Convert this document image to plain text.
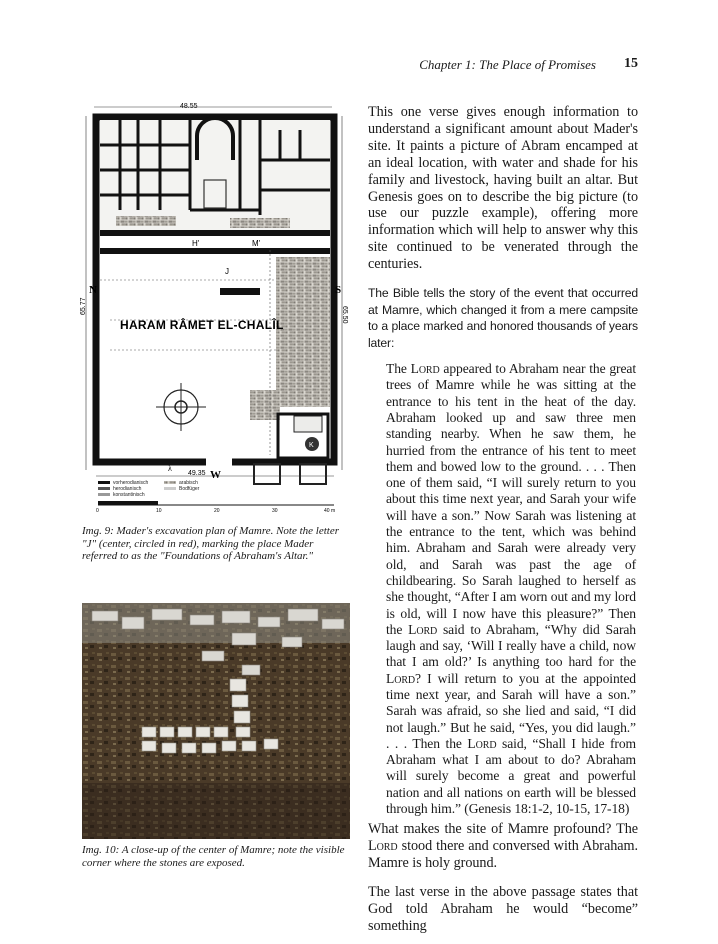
Chapter 1: The Place of Promises 15
48.55
65.77	65.50
49.35
HARAM RÂMET EL-CHALÎL
N	S
W
K
H'	M'
J
λ
vorherodianisch
herodianisch
konstantinisch
arabisch
Bodfüger
0	10	20	30	40 m

Img. 9: Mader's excavation plan of Mamre. Note the letter "J" (center, circled in red), marking the place Mader referred to as the "Foundations of Abraham's Altar."

Img. 10: A close-up of the center of Mamre; note the visible corner where the stones are exposed.

This one verse gives enough information to understand a significant amount about Mader's site. It paints a picture of Abram encamped at an ideal location, with water and shade for his family and livestock, having built an altar. But Genesis goes on to describe the big picture (to use our puzzle example), offering more information which will help to answer why this site continued to be venerated through the centuries.

The Bible tells the story of the event that occurred at Mamre, which changed it from a mere campsite to a place marked and honored thousands of years later:

The Lord appeared to Abraham near the great trees of Mamre while he was sitting at the entrance to his tent in the heat of the day. Abraham looked up and saw three men standing nearby. When he saw them, he hurried from the entrance of his tent to meet them and bowed low to the ground. . . . Then one of them said, “I will surely return to you about this time next year, and Sarah your wife will have a son.” Now Sarah was listening at the entrance to the tent, which was behind him. Abraham and Sarah were already very old, and Sarah was past the age of childbearing. So Sarah laughed to herself as she thought, “After I am worn out and my lord is old, will I now have this pleasure?” Then the Lord said to Abraham, “Why did Sarah laugh and say, ‘Will I really have a child, now that I am old?’ Is anything too hard for the Lord? I will return to you at the appointed time next year, and Sarah will have a son.” Sarah was afraid, so she lied and said, “I did not laugh.” But he said, “Yes, you did laugh.” . . . Then the Lord said, “Shall I hide from Abraham what I am about to do? Abraham will surely become a great and powerful nation and all nations on earth will be blessed through him.” (Genesis 18:1-2, 10-15, 17-18)

What makes the site of Mamre profound? The Lord stood there and conversed with Abraham. Mamre is holy ground.

The last verse in the above passage states that God told Abraham he would “become” something
